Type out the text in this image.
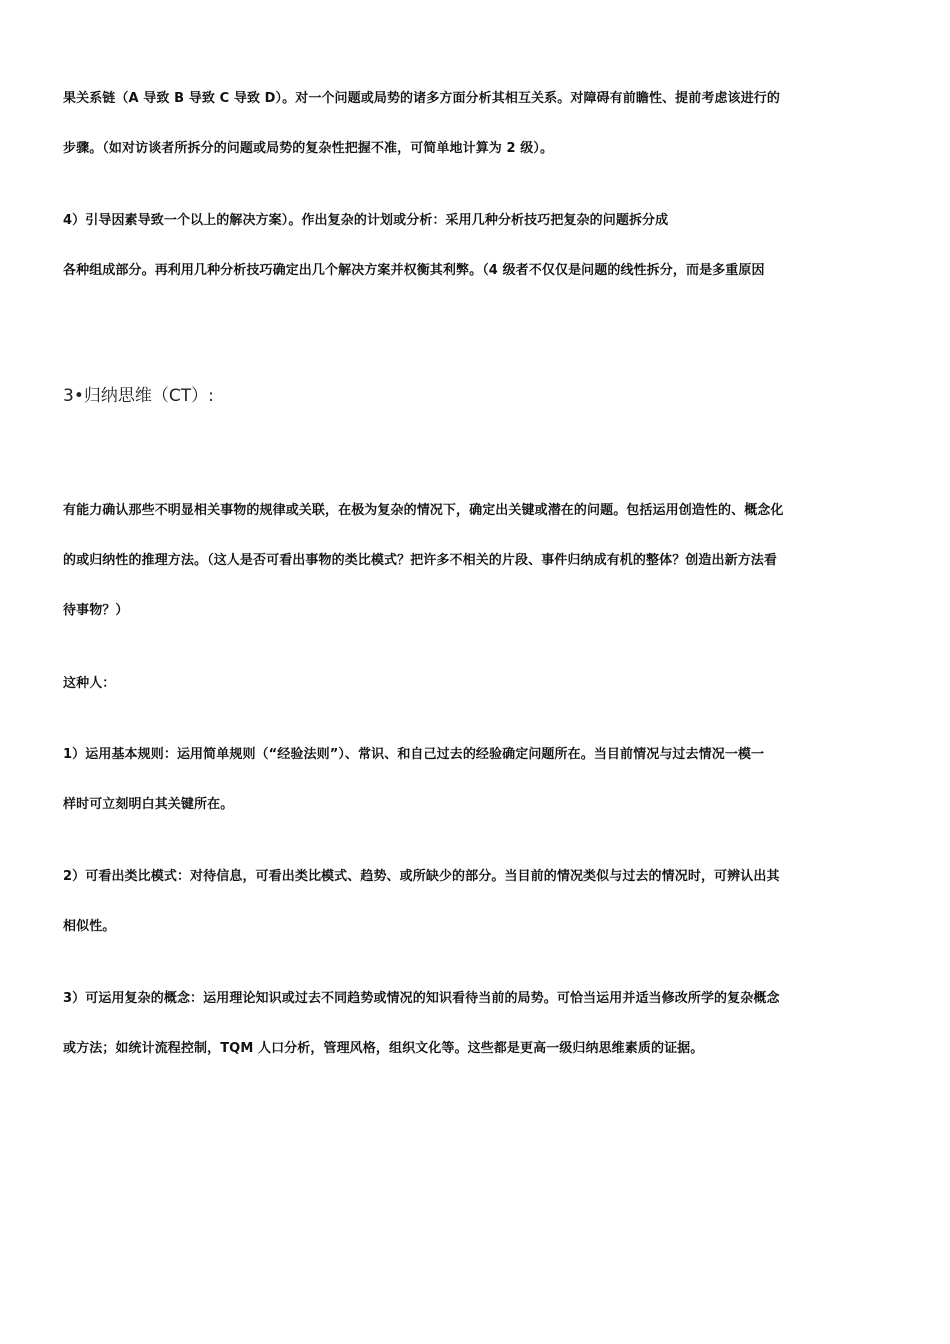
果关系链（A 导致 B 导致 C 导致 D）。对一个问题或局势的诸多方面分析其相互关系。对障碍有前瞻性、提前考虑该进行的
步骤。（如对访谈者所拆分的问题或局势的复杂性把握不准，可简单地计算为 2 级）。
4）引导因素导致一个以上的解决方案）。作出复杂的计划或分析：采用几种分析技巧把复杂的问题拆分成
各种组成部分。再利用几种分析技巧确定出几个解决方案并权衡其利弊。（4 级者不仅仅是问题的线性拆分，而是多重原因
3•归纳思维（CT）:
有能力确认那些不明显相关事物的规律或关联，在极为复杂的情况下，确定出关键或潜在的问题。包括运用创造性的、概念化
的或归纳性的推理方法。（这人是否可看出事物的类比模式？把许多不相关的片段、事件归纳成有机的整体？创造出新方法看
待事物？）
这种人：
1）运用基本规则：运用简单规则（“经验法则”）、常识、和自己过去的经验确定问题所在。当目前情况与过去情况一模一
样时可立刻明白其关键所在。
2）可看出类比模式：对待信息，可看出类比模式、趋势、或所缺少的部分。当目前的情况类似与过去的情况时，可辨认出其
相似性。
3）可运用复杂的概念：运用理论知识或过去不同趋势或情况的知识看待当前的局势。可恰当运用并适当修改所学的复杂概念
或方法；如统计流程控制，TQM 人口分析，管理风格，组织文化等。这些都是更高一级归纳思维素质的证据。
